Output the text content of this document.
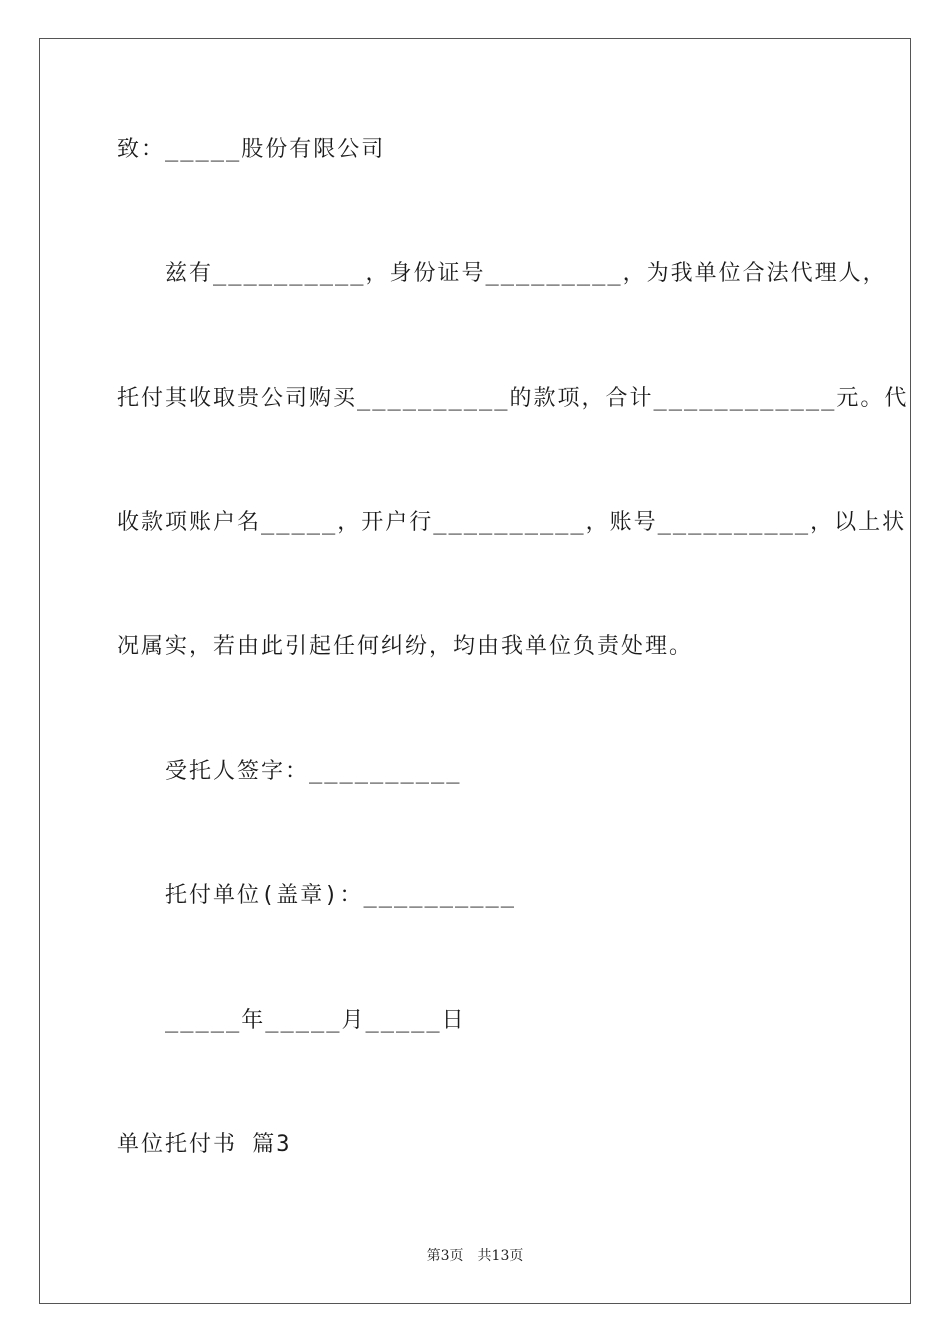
致：_____股份有限公司
兹有__________，身份证号_________，为我单位合法代理人，
托付其收取贵公司购买__________的款项，合计____________元。代
收款项账户名_____，开户行__________，账号__________，以上状
况属实，若由此引起任何纠纷，均由我单位负责处理。
受托人签字：__________
托付单位(盖章)：__________
_____年_____月_____日
单位托付书 篇3
第3页　共13页
